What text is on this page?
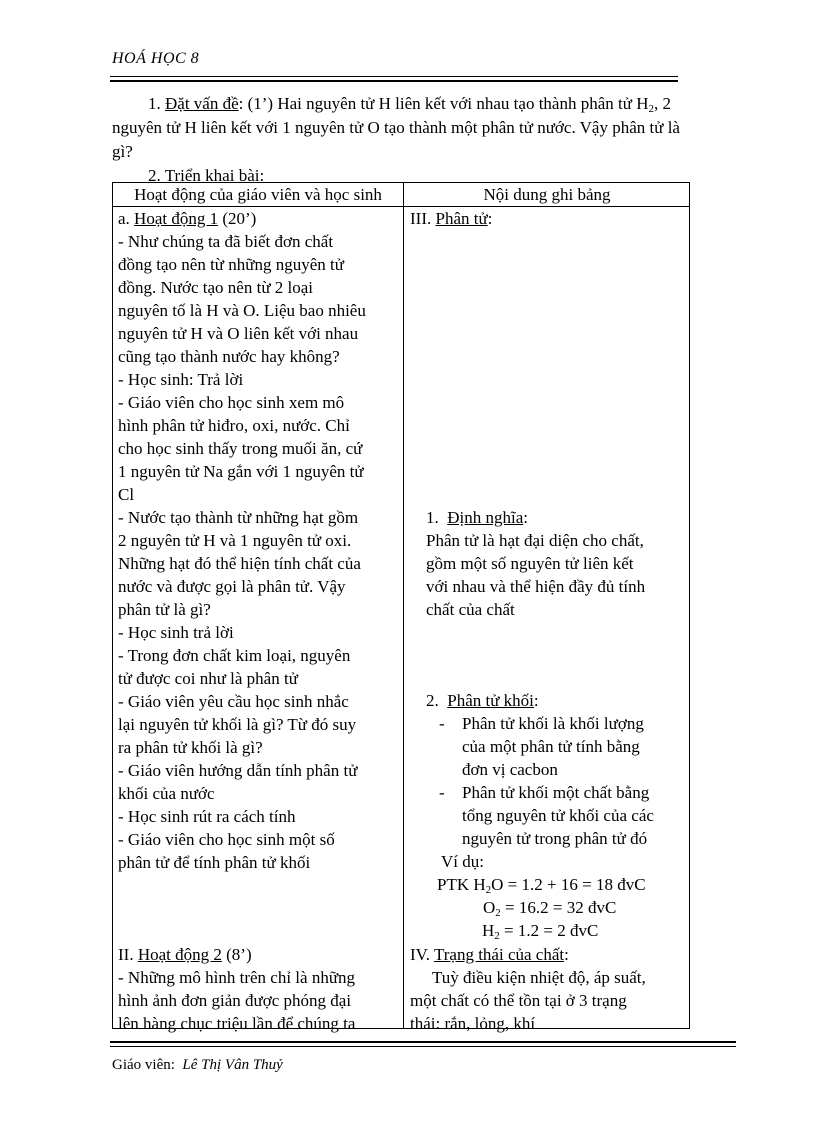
HOÁ HỌC 8

1. Đặt vấn đề: (1’) Hai nguyên tử H liên kết với nhau tạo thành phân tử $H_2$, 2

nguyên tử H liên kết với 1 nguyên tử O tạo thành một phân tử nước. Vậy phân tử là

gì?

2. Triển khai bài:

Hoạt động của giáo viên và học sinh	Nội dung ghi bảng
a. Hoạt động 1 (20’)
- Như chúng ta đã biết đơn chất
đồng tạo nên từ những nguyên tử
đồng. Nước tạo nên từ 2 loại
nguyên tố là H và O. Liệu bao nhiêu
nguyên tử H và O liên kết với nhau
cũng tạo thành nước hay không?
- Học sinh: Trả lời
- Giáo viên cho học sinh xem mô
hình phân tử hiđro, oxi, nước. Chỉ
cho học sinh thấy trong muối ăn, cứ
1 nguyên tử Na gắn với 1 nguyên tử
Cl
- Nước tạo thành từ những hạt gồm
2 nguyên tử H và 1 nguyên tử oxi.
Những hạt đó thể hiện tính chất của
nước và được gọi là phân tử. Vậy
phân tử là gì?
- Học sinh trả lời
- Trong đơn chất kim loại, nguyên
tử được coi như là phân tử
- Giáo viên yêu cầu học sinh nhắc
lại nguyên tử khối là gì? Từ đó suy
ra phân tử khối là gì?
- Giáo viên hướng dẫn tính phân tử
khối của nước
- Học sinh rút ra cách tính
- Giáo viên cho học sinh một số
phân tử để tính phân tử khối

II. Hoạt động 2 (8’)
- Những mô hình trên chỉ là những
hình ảnh đơn giản được phóng đại
lên hàng chục triệu lần để chúng ta
III. Phân tử:
1. Định nghĩa:
Phân tử là hạt đại diện cho chất,
gồm một số nguyên tử liên kết
với nhau và thể hiện đầy đủ tính
chất của chất
2. Phân tử khối:
- Phân tử khối là khối lượng
của một phân tử tính bằng
đơn vị cacbon
- Phân tử khối một chất bằng
tổng nguyên tử khối của các
nguyên tử trong phân tử đó
Ví dụ:
PTK $H_2O = 1.2 + 16 = 18$ đvC
$O_2 = 16.2 = 32$ đvC
$H_2 = 1.2 = 2$ đvC
IV. Trạng thái của chất:
Tuỳ điều kiện nhiệt độ, áp suất,
một chất có thể tồn tại ở 3 trạng
thái: rắn, lỏng, khí
Giáo viên: Lê Thị Vân Thuỷ
